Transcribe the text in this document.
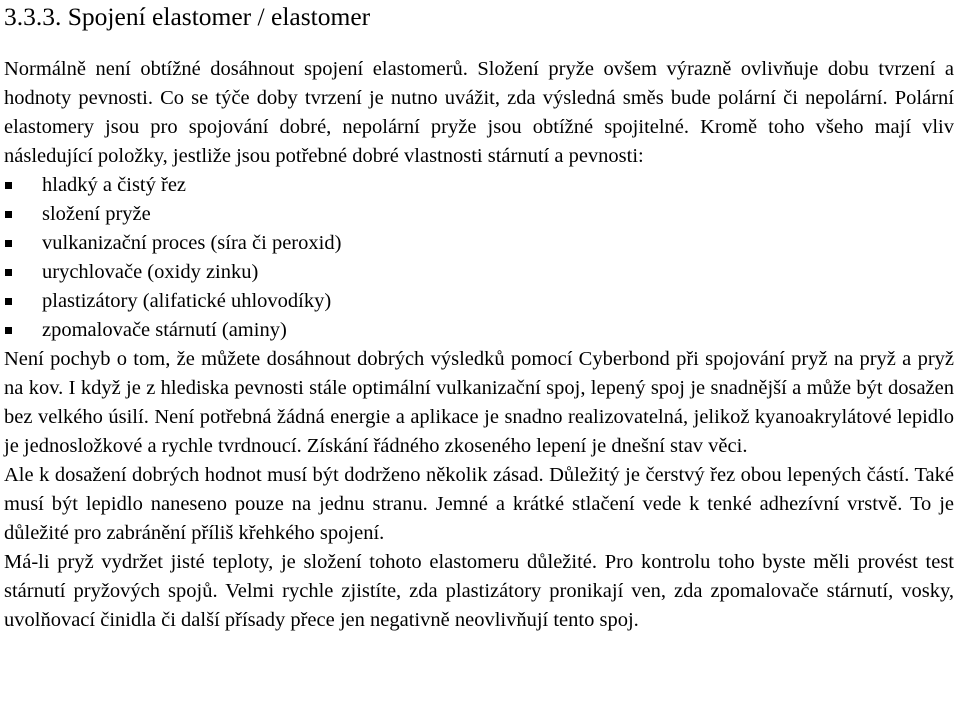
3.3.3. Spojení elastomer / elastomer

Normálně není obtížné dosáhnout spojení elastomerů. Složení pryže ovšem výrazně ovlivňuje dobu tvrzení a hodnoty pevnosti. Co se týče doby tvrzení je nutno uvážit, zda výsledná směs bude polární či nepolární. Polární elastomery jsou pro spojování dobré, nepolární pryže jsou obtížné spojitelné. Kromě toho všeho mají vliv následující položky, jestliže jsou potřebné dobré vlastnosti stárnutí a pevnosti:

hladký a čistý řez
složení pryže
vulkanizační proces (síra či peroxid)
urychlovače (oxidy zinku)
plastizátory (alifatické uhlovodíky)
zpomalovače stárnutí (aminy)

Není pochyb o tom, že můžete dosáhnout dobrých výsledků pomocí Cyberbond při spojování pryž na pryž a pryž na kov. I když je z hlediska pevnosti stále optimální vulkanizační spoj, lepený spoj je snadnější a může být dosažen bez velkého úsilí. Není potřebná žádná energie a aplikace je snadno realizovatelná, jelikož kyanoakrylátové lepidlo je jednosložkové a rychle tvrdnoucí. Získání řádného zkoseného lepení je dnešní stav věci.

Ale k dosažení dobrých hodnot musí být dodrženo několik zásad. Důležitý je čerstvý řez obou lepených částí. Také musí být lepidlo naneseno pouze na jednu stranu. Jemné a krátké stlačení vede k tenké adhezívní vrstvě. To je důležité pro zabránění příliš křehkého spojení.

Má-li pryž vydržet jisté teploty, je složení tohoto elastomeru důležité. Pro kontrolu toho byste měli provést test stárnutí pryžových spojů. Velmi rychle zjistíte, zda plastizátory pronikají ven, zda zpomalovače stárnutí, vosky, uvolňovací činidla či další přísady přece jen negativně neovlivňují tento spoj.
